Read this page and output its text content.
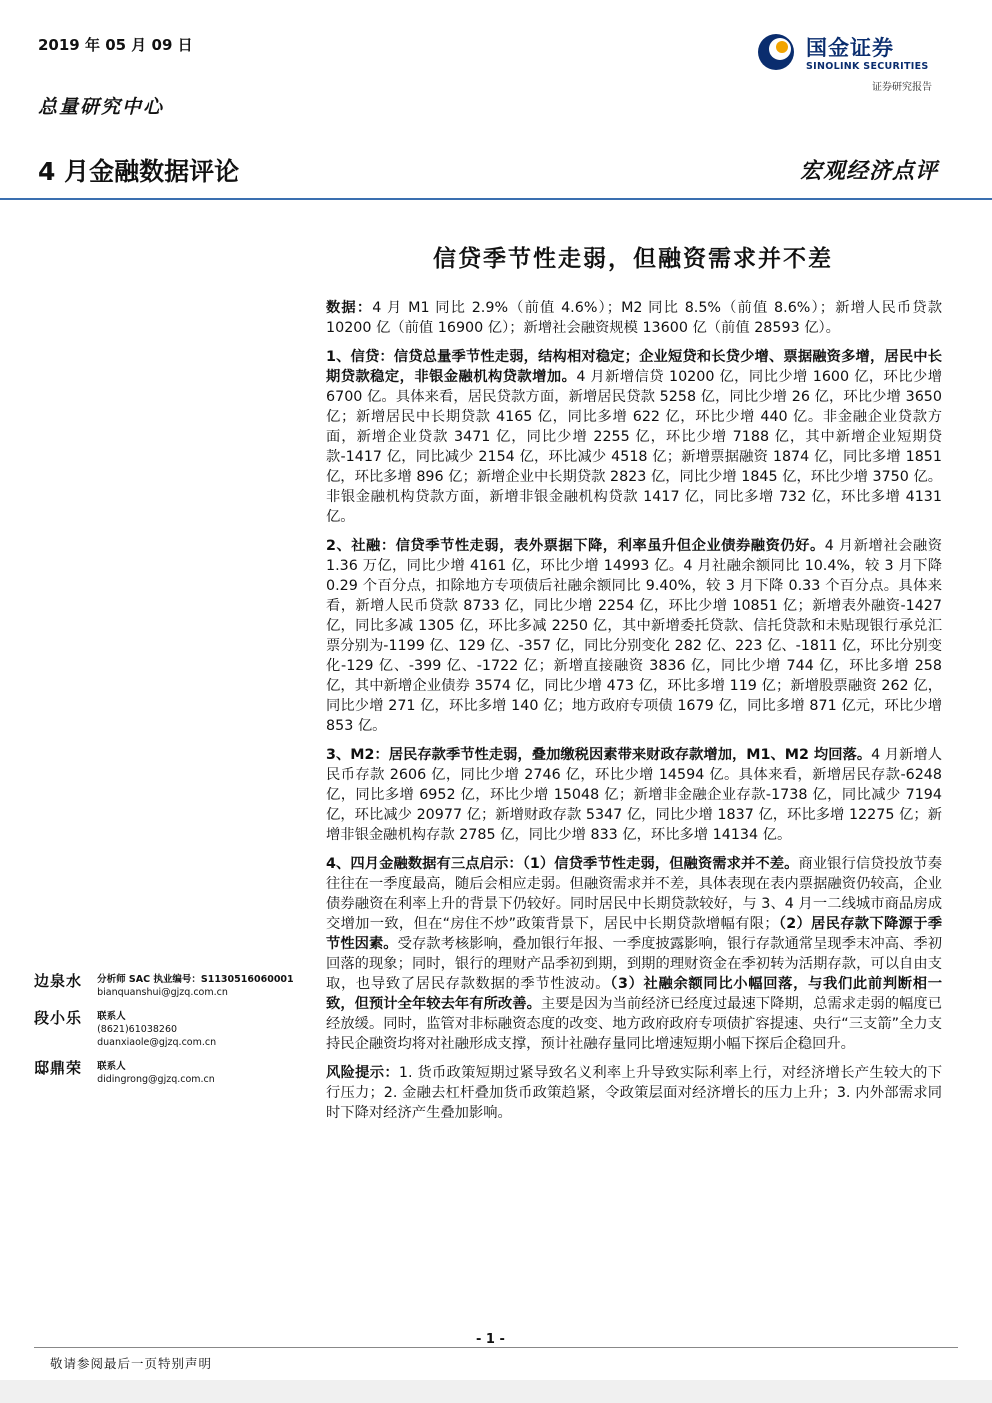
2019 年 05 月 09 日
总量研究中心
国金证券
SINOLINK SECURITIES
证券研究报告
4 月金融数据评论	宏观经济点评
信贷季节性走弱，但融资需求并不差

数据：4 月 M1 同比 2.9%（前值 4.6%）；M2 同比 8.5%（前值 8.6%）；新增人民币贷款 10200 亿（前值 16900 亿）；新增社会融资规模 13600 亿（前值 28593 亿）。

1、信贷：信贷总量季节性走弱，结构相对稳定；企业短贷和长贷少增、票据融资多增，居民中长期贷款稳定，非银金融机构贷款增加。4 月新增信贷 10200 亿，同比少增 1600 亿，环比少增 6700 亿。具体来看，居民贷款方面，新增居民贷款 5258 亿，同比少增 26 亿，环比少增 3650 亿；新增居民中长期贷款 4165 亿，同比多增 622 亿，环比少增 440 亿。非金融企业贷款方面，新增企业贷款 3471 亿，同比少增 2255 亿，环比少增 7188 亿，其中新增企业短期贷款-1417 亿，同比减少 2154 亿，环比减少 4518 亿；新增票据融资 1874 亿，同比多增 1851 亿，环比多增 896 亿；新增企业中长期贷款 2823 亿，同比少增 1845 亿，环比少增 3750 亿。非银金融机构贷款方面，新增非银金融机构贷款 1417 亿，同比多增 732 亿，环比多增 4131 亿。

2、社融：信贷季节性走弱，表外票据下降，利率虽升但企业债券融资仍好。4 月新增社会融资 1.36 万亿，同比少增 4161 亿，环比少增 14993 亿。4 月社融余额同比 10.4%，较 3 月下降 0.29 个百分点，扣除地方专项债后社融余额同比 9.40%，较 3 月下降 0.33 个百分点。具体来看，新增人民币贷款 8733 亿，同比少增 2254 亿，环比少增 10851 亿；新增表外融资-1427 亿，同比多减 1305 亿，环比多减 2250 亿，其中新增委托贷款、信托贷款和未贴现银行承兑汇票分别为-1199 亿、129 亿、-357 亿，同比分别变化 282 亿、223 亿、-1811 亿，环比分别变化-129 亿、-399 亿、-1722 亿；新增直接融资 3836 亿，同比少增 744 亿，环比多增 258 亿，其中新增企业债券 3574 亿，同比少增 473 亿，环比多增 119 亿；新增股票融资 262 亿，同比少增 271 亿，环比多增 140 亿；地方政府专项债 1679 亿，同比多增 871 亿元，环比少增 853 亿。

3、M2：居民存款季节性走弱，叠加缴税因素带来财政存款增加，M1、M2 均回落。4 月新增人民币存款 2606 亿，同比少增 2746 亿，环比少增 14594 亿。具体来看，新增居民存款-6248 亿，同比多增 6952 亿，环比少增 15048 亿；新增非金融企业存款-1738 亿，同比减少 7194 亿，环比减少 20977 亿；新增财政存款 5347 亿，同比少增 1837 亿，环比多增 12275 亿；新增非银金融机构存款 2785 亿，同比少增 833 亿，环比多增 14134 亿。

4、四月金融数据有三点启示：（1）信贷季节性走弱，但融资需求并不差。商业银行信贷投放节奏往往在一季度最高，随后会相应走弱。但融资需求并不差，具体表现在表内票据融资仍较高，企业债券融资在利率上升的背景下仍较好。同时居民中长期贷款较好，与 3、4 月一二线城市商品房成交增加一致，但在“房住不炒”政策背景下，居民中长期贷款增幅有限；（2）居民存款下降源于季节性因素。受存款考核影响，叠加银行年报、一季度披露影响，银行存款通常呈现季末冲高、季初回落的现象；同时，银行的理财产品季初到期，到期的理财资金在季初转为活期存款，可以自由支取，也导致了居民存款数据的季节性波动。（3）社融余额同比小幅回落，与我们此前判断相一致，但预计全年较去年有所改善。主要是因为当前经济已经度过最速下降期，总需求走弱的幅度已经放缓。同时，监管对非标融资态度的改变、地方政府政府专项债扩容提速、央行“三支箭”全力支持民企融资均将对社融形成支撑，预计社融存量同比增速短期小幅下探后企稳回升。

风险提示：1. 货币政策短期过紧导致名义利率上升导致实际利率上行，对经济增长产生较大的下行压力；2. 金融去杠杆叠加货币政策趋紧，令政策层面对经济增长的压力上升；3. 内外部需求同时下降对经济产生叠加影响。

边泉水 分析师 SAC 执业编号：S1130516060001
bianquanshui@gjzq.com.cn
段小乐 联系人
(8621)61038260
duanxiaole@gjzq.com.cn
邸鼎荣 联系人
didingrong@gjzq.com.cn
- 1 -
敬请参阅最后一页特别声明
